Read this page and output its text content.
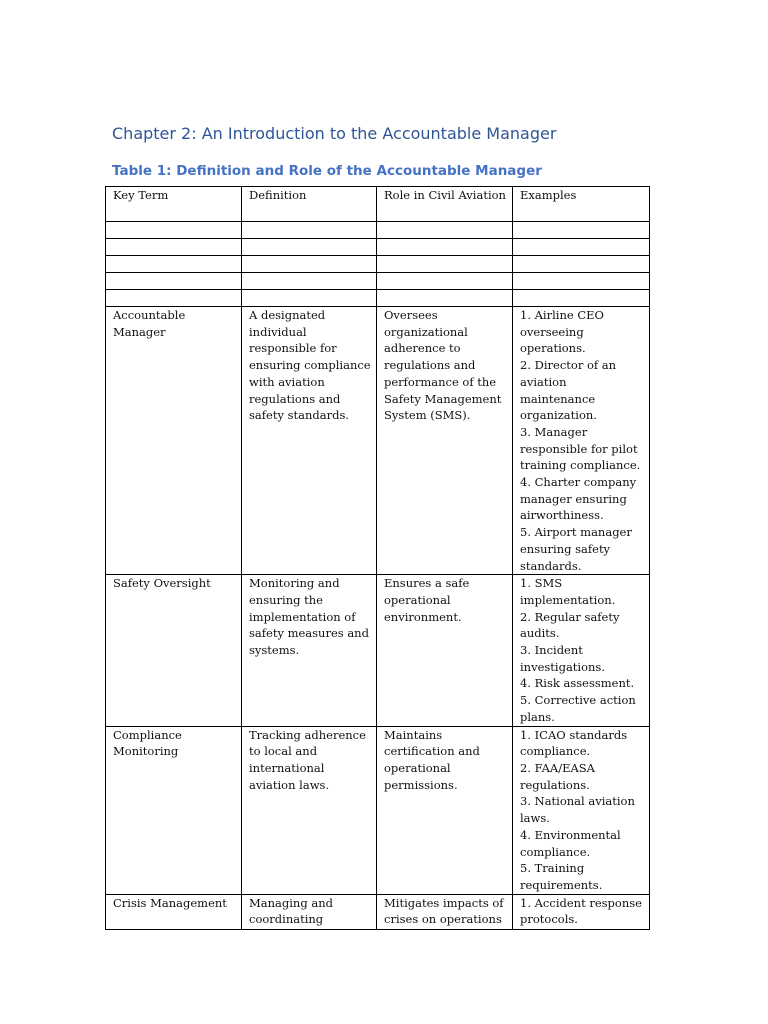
Chapter 2: An Introduction to the Accountable Manager
Table 1: Definition and Role of the Accountable Manager
Key Term	Definition	Role in Civil Aviation	Examples

Accountable Manager	A designated individual responsible for ensuring compliance with aviation regulations and safety standards.	Oversees organizational adherence to regulations and performance of the Safety Management System (SMS).	1. Airline CEO overseeing operations.
2. Director of an aviation maintenance organization.
3. Manager responsible for pilot training compliance.
4. Charter company manager ensuring airworthiness.
5. Airport manager ensuring safety standards.

Safety Oversight	Monitoring and ensuring the implementation of safety measures and systems.	Ensures a safe operational environment.	1. SMS implementation.
2. Regular safety audits.
3. Incident investigations.
4. Risk assessment.
5. Corrective action plans.

Compliance Monitoring	Tracking adherence to local and international aviation laws.	Maintains certification and operational permissions.	1. ICAO standards compliance.
2. FAA/EASA regulations.
3. National aviation laws.
4. Environmental compliance.
5. Training requirements.

Crisis Management	Managing and coordinating	Mitigates impacts of crises on operations	1. Accident response protocols.
